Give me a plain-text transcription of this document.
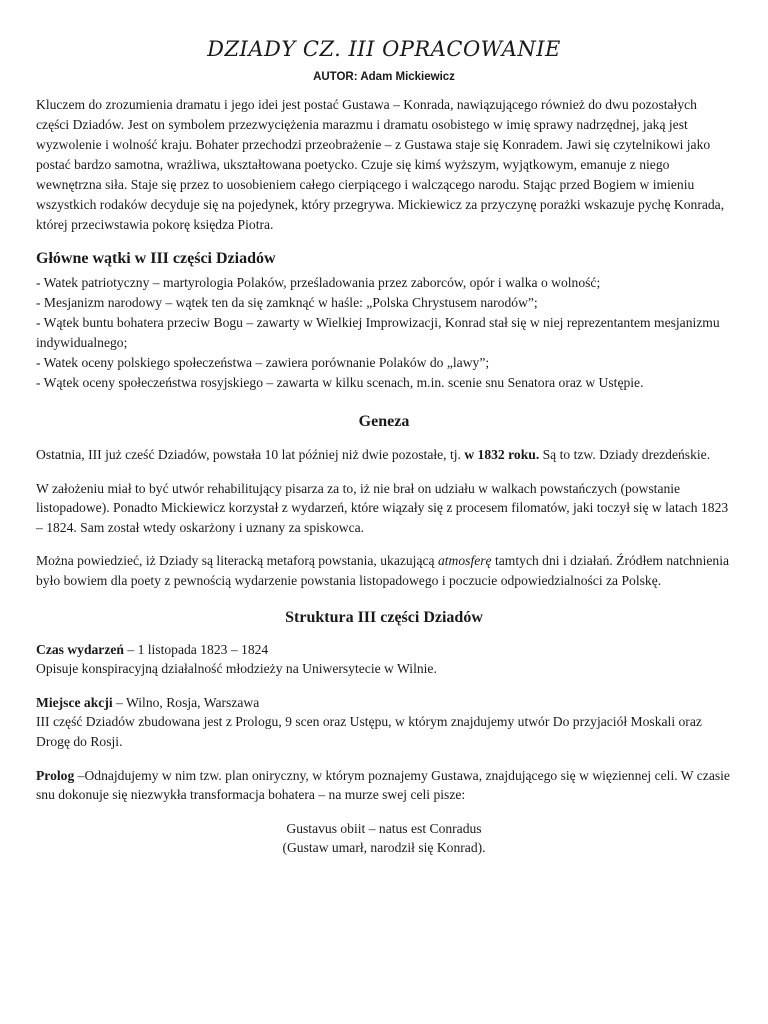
DZIADY CZ. III OPRACOWANIE
AUTOR: Adam Mickiewicz

Kluczem do zrozumienia dramatu i jego idei jest postać Gustawa – Konrada, nawiązującego również do dwu pozostałych części Dziadów. Jest on symbolem przezwyciężenia marazmu i dramatu osobistego w imię sprawy nadrzędnej, jaką jest wyzwolenie i wolność kraju. Bohater przechodzi przeobrażenie – z Gustawa staje się Konradem. Jawi się czytelnikowi jako postać bardzo samotna, wrażliwa, ukształtowana poetycko. Czuje się kimś wyższym, wyjątkowym, emanuje z niego wewnętrzna siła. Staje się przez to uosobieniem całego cierpiącego i walczącego narodu. Stając przed Bogiem w imieniu wszystkich rodaków decyduje się na pojedynek, który przegrywa. Mickiewicz za przyczynę porażki wskazuje pychę Konrada, której przeciwstawia pokorę księdza Piotra.

Główne wątki w III części Dziadów
- Watek patriotyczny – martyrologia Polaków, prześladowania przez zaborców, opór i walka o wolność;
- Mesjanizm narodowy – wątek ten da się zamknąć w haśle: „Polska Chrystusem narodów”;
- Wątek buntu bohatera przeciw Bogu – zawarty w Wielkiej Improwizacji, Konrad stał się w niej reprezentantem mesjanizmu indywidualnego;
- Watek oceny polskiego społeczeństwa – zawiera porównanie Polaków do „lawy”;
- Wątek oceny społeczeństwa rosyjskiego – zawarta w kilku scenach, m.in. scenie snu Senatora oraz w Ustępie.
Geneza

Ostatnia, III już cześć Dziadów, powstała 10 lat później niż dwie pozostałe, tj. w 1832 roku. Są to tzw. Dziady drezdeńskie.

W założeniu miał to być utwór rehabilitujący pisarza za to, iż nie brał on udziału w walkach powstańczych (powstanie listopadowe). Ponadto Mickiewicz korzystał z wydarzeń, które wiązały się z procesem filomatów, jaki toczył się w latach 1823 – 1824. Sam został wtedy oskarżony i uznany za spiskowca.

Można powiedzieć, iż Dziady są literacką metaforą powstania, ukazującą atmosferę tamtych dni i działań. Źródłem natchnienia było bowiem dla poety z pewnością wydarzenie powstania listopadowego i poczucie odpowiedzialności za Polskę.

Struktura III części Dziadów

Czas wydarzeń – 1 listopada 1823 – 1824

Opisuje konspiracyjną działalność młodzieży na Uniwersytecie w Wilnie.

Miejsce akcji – Wilno, Rosja, Warszawa

III część Dziadów zbudowana jest z Prologu, 9 scen oraz Ustępu, w którym znajdujemy utwór Do przyjaciół Moskali oraz Drogę do Rosji.

Prolog –Odnajdujemy w nim tzw. plan oniryczny, w którym poznajemy Gustawa, znajdującego się w więziennej celi. W czasie snu dokonuje się niezwykła transformacja bohatera – na murze swej celi pisze:

Gustavus obiit – natus est Conradus

(Gustaw umarł, narodził się Konrad).
